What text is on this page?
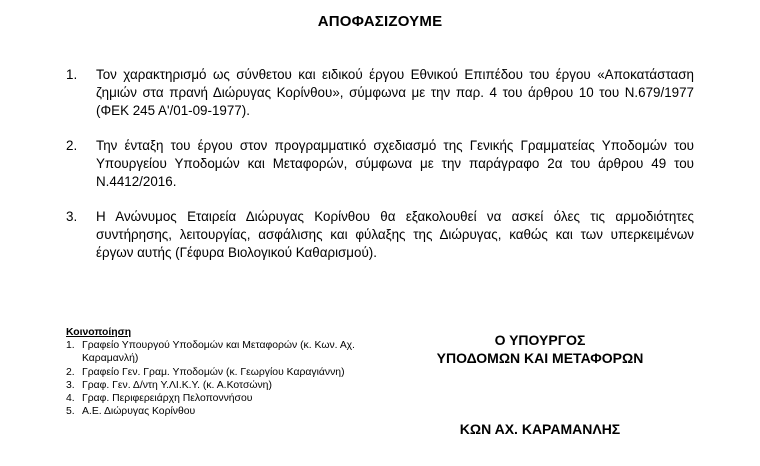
ΑΠΟΦΑΣΙΖΟΥΜΕ
1. Τον χαρακτηρισμό ως σύνθετου και ειδικού έργου Εθνικού Επιπέδου του έργου «Αποκατάσταση ζημιών στα πρανή Διώρυγας Κορίνθου», σύμφωνα με την παρ. 4 του άρθρου 10 του Ν.679/1977 (ΦΕΚ 245 Α'/01-09-1977).
2. Την ένταξη του έργου στον προγραμματικό σχεδιασμό της Γενικής Γραμματείας Υποδομών του Υπουργείου Υποδομών και Μεταφορών, σύμφωνα με την παράγραφο 2α του άρθρου 49 του Ν.4412/2016.
3. Η Ανώνυμος Εταιρεία Διώρυγας Κορίνθου θα εξακολουθεί να ασκεί όλες τις αρμοδιότητες συντήρησης, λειτουργίας, ασφάλισης και φύλαξης της Διώρυγας, καθώς και των υπερκειμένων έργων αυτής (Γέφυρα Βιολογικού Καθαρισμού).
Κοινοποίηση
1. Γραφείο Υπουργού Υποδομών και Μεταφορών (κ. Κων. Αχ. Καραμανλή)
2. Γραφείο Γεν. Γραμ. Υποδομών (κ. Γεωργίου Καραγιάννη)
3. Γραφ. Γεν. Δ/ντη Υ.ΛΙ.Κ.Υ. (κ. Α.Κοτσώνη)
4. Γραφ. Περιφερειάρχη Πελοποννήσου
5. Α.Ε. Διώρυγας Κορίνθου
Ο ΥΠΟΥΡΓΟΣ
ΥΠΟΔΟΜΩΝ ΚΑΙ ΜΕΤΑΦΟΡΩΝ
ΚΩΝ ΑΧ. ΚΑΡΑΜΑΝΛΗΣ
